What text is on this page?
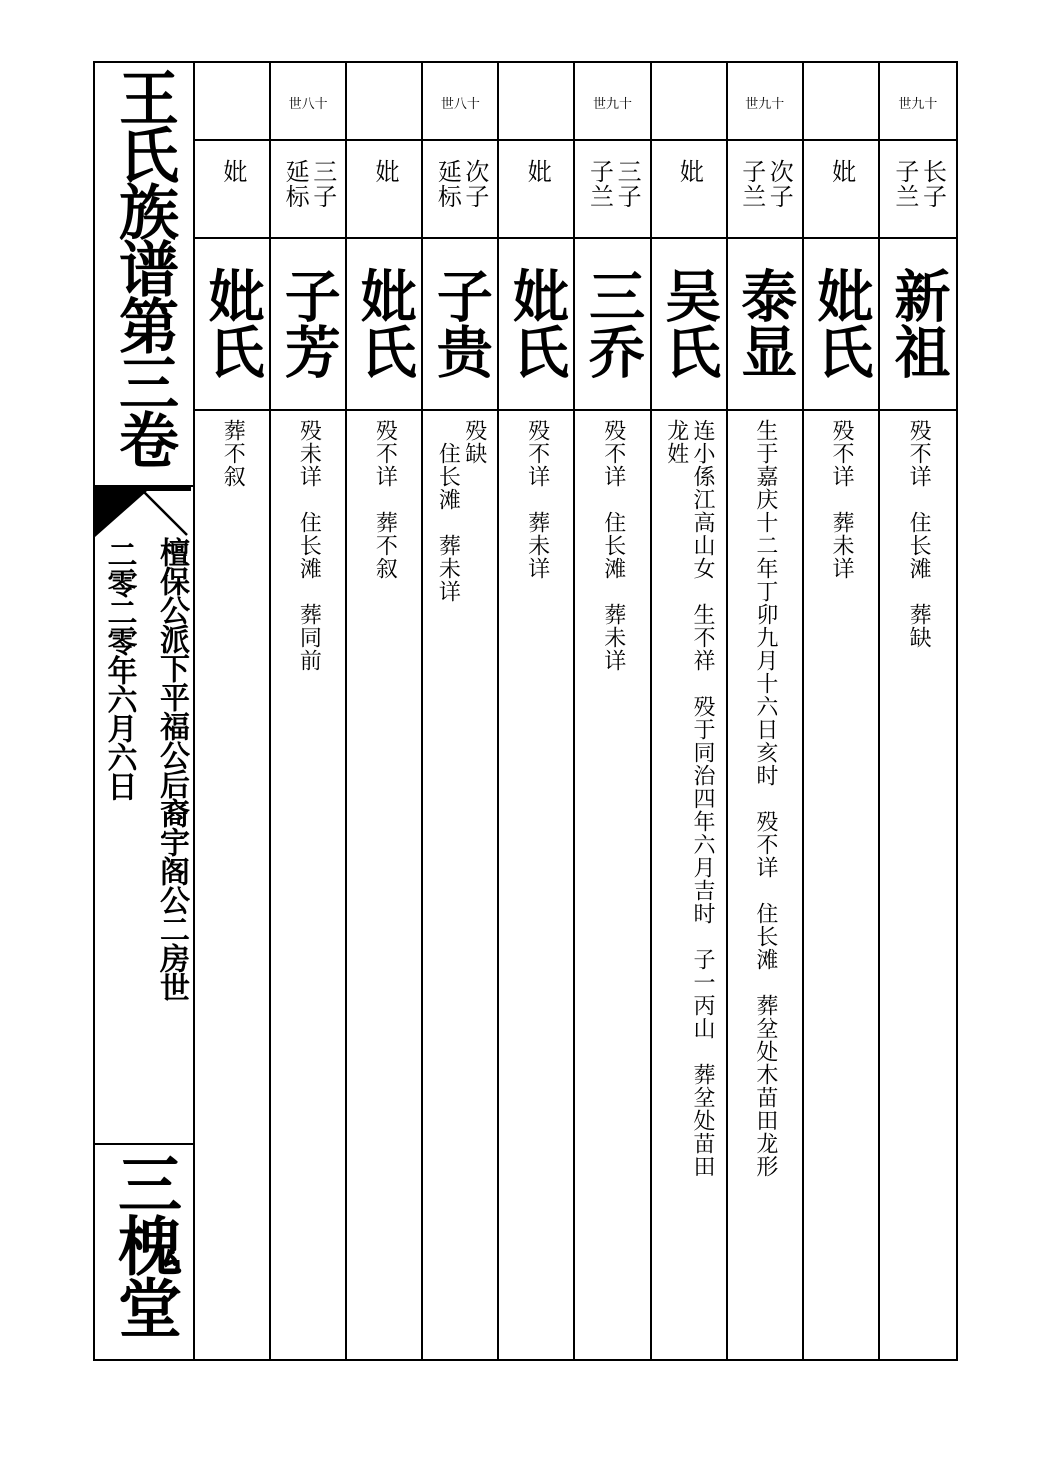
王氏族谱第三卷
檀保公派下平福公后裔宇阁公二房世
二零二零年六月六日
三槐堂
妣
妣氏
葬不叙
世八十
三子 延标
子芳
殁未详　住长滩　葬同前
妣
妣氏
殁不详　葬不叙
世八十
次子 延标
子贵
殁缺
　住长滩　葬未详
妣
妣氏
殁不详　葬未详
世九十
三子 子兰
三乔
殁不详　住长滩　葬未详
妣
吴氏
连小係江高山女　生不祥　殁于同治四年六月吉时　子一丙山　葬坌处苗田
龙姓
世九十
次子 子兰
泰显
生于嘉庆十二年丁卯九月十六日亥时　殁不详　住长滩　葬坌处木苗田龙形
妣
妣氏
殁不详　葬未详
世九十
长子 子兰
新祖
殁不详　住长滩　葬缺
